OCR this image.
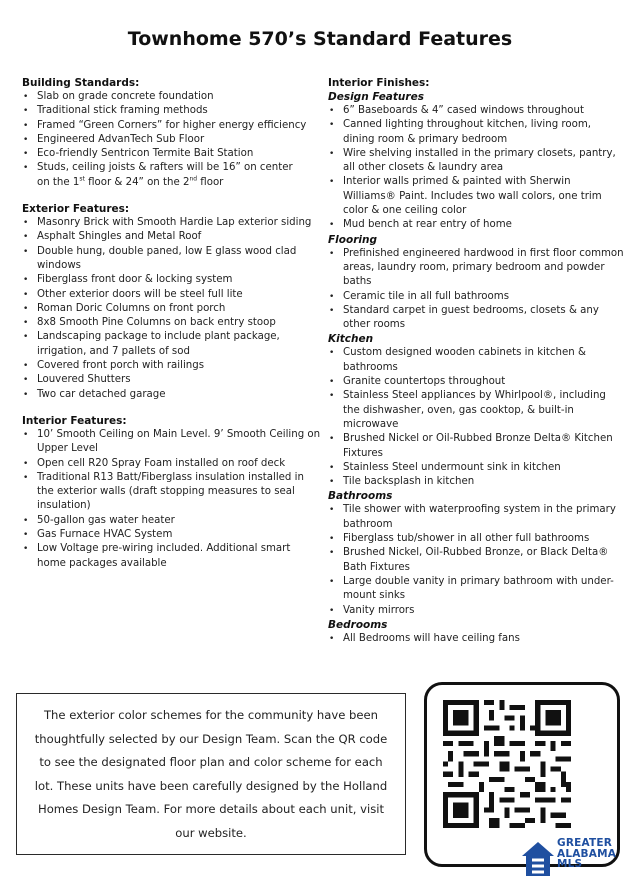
Townhome 570’s Standard Features
Building Standards:
• Slab on grade concrete foundation
• Traditional stick framing methods
• Framed “Green Corners” for higher energy efficiency
• Engineered AdvanTech Sub Floor
• Eco-friendly Sentricon Termite Bait Station
• Studs, ceiling joists & rafters will be 16” on center
on the 1st floor & 24” on the 2nd floor
Exterior Features:
• Masonry Brick with Smooth Hardie Lap exterior siding
• Asphalt Shingles and Metal Roof
• Double hung, double paned, low E glass wood clad windows
• Fiberglass front door & locking system
• Other exterior doors will be steel full lite
• Roman Doric Columns on front porch
• 8x8 Smooth Pine Columns on back entry stoop
• Landscaping package to include plant package, irrigation, and 7 pallets of sod
• Covered front porch with railings
• Louvered Shutters
• Two car detached garage
Interior Features:
• 10’ Smooth Ceiling on Main Level. 9’ Smooth Ceiling on Upper Level
• Open cell R20 Spray Foam installed on roof deck
• Traditional R13 Batt/Fiberglass insulation installed in the exterior walls (draft stopping measures to seal insulation)
• 50-gallon gas water heater
• Gas Furnace HVAC System
• Low Voltage pre-wiring included. Additional smart home packages available
Interior Finishes:
Design Features
• 6” Baseboards & 4” cased windows throughout
• Canned lighting throughout kitchen, living room, dining room & primary bedroom
• Wire shelving installed in the primary closets, pantry, all other closets & laundry area
• Interior walls primed & painted with Sherwin Williams® Paint. Includes two wall colors, one trim color & one ceiling color
• Mud bench at rear entry of home
Flooring
• Prefinished engineered hardwood in first floor common areas, laundry room, primary bedroom and powder baths
• Ceramic tile in all full bathrooms
• Standard carpet in guest bedrooms, closets & any other rooms
Kitchen
• Custom designed wooden cabinets in kitchen & bathrooms
• Granite countertops throughout
• Stainless Steel appliances by Whirlpool®, including the dishwasher, oven, gas cooktop, & built-in microwave
• Brushed Nickel or Oil-Rubbed Bronze Delta® Kitchen Fixtures
• Stainless Steel undermount sink in kitchen
• Tile backsplash in kitchen
Bathrooms
• Tile shower with waterproofing system in the primary bathroom
• Fiberglass tub/shower in all other full bathrooms
• Brushed Nickel, Oil-Rubbed Bronze, or Black Delta® Bath Fixtures
• Large double vanity in primary bathroom with under-mount sinks
• Vanity mirrors
Bedrooms
• All Bedrooms will have ceiling fans

The exterior color schemes for the community have been thoughtfully selected by our Design Team. Scan the QR code to see the designated floor plan and color scheme for each lot. These units have been carefully designed by the Holland Homes Design Team. For more details about each unit, visit our website.

GREATER
ALABAMA
MLS
